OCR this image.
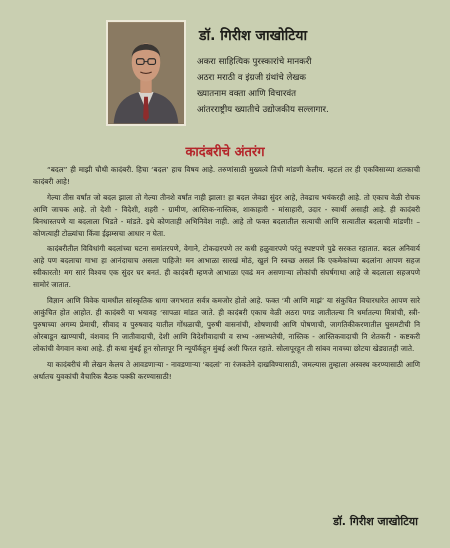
डॉ. गिरीश जाखोटिया
अकरा साहित्यिक पुरस्कारांचे मानकरी
अठरा मराठी व इंग्रजी ग्रंथांचे लेखक
ख्यातनाम वक्ता आणि विचारवंत
आंतरराष्ट्रीय ख्यातीचे उद्योजकीय सल्लागार.
कादंबरीचे अंतरंग

“बदल” ही माझी चौथी कादंबरी. हिचा ‘बदल’ हाच विषय आहे. तरुणांसाठी मुख्यत्वे तिची मांडणी केलीय. म्हटलं तर ही एकविसाव्या शतकाची कादंबरी आहे!

गेल्या तीस वर्षांत जो बदल झाला तो गेल्या तीनशे वर्षांत नाही झाला! हा बदल जेवढा सुंदर आहे, तेवढाच भयंकरही आहे. तो एकाच वेळी रोचक आणि जाचक आहे. तो देशी - विदेशी, शहरी - ग्रामीण, आस्तिक-नास्तिक, शाकाहारी - मांसाहारी, उदार - स्वार्थी असाही आहे. ही कादंबरी बिनधास्तपणे या बदलाला भिडते - मांडते. इथे कोणताही अभिनिवेश नाही. आहे तो फक्त बदलातील सत्याची आणि सत्यातील बदलाची मांडणी! –कोणत्याही टोळ्यांचा किंवा ईझम्सचा आधार न घेता.

कादंबरीतील विविधांगी बदलांच्या घटना समांतरपणे, वेगाने, टोकदारपणे तर कधी हळुवारपणे परंतु स्पष्टपणे पुढे सरकत रहातात. बदल अनिवार्य आहे पण बदलाचा गाभा हा आनंदाचाच असला पाहिजे! मन आभाळा सारखं मोठं, खुलं नि स्वच्छ असलं कि एकमेकांच्या बदलांना आपण सहज स्वीकारतो! मग सारं विश्वच एक सुंदर घर बनतं. ही कादंबरी म्हणजे आभाळा एवढं मन असणाऱ्या लोकांची संघर्षगाथा आहे जे बदलाला सहजपणे सामोरं जातात.

विज्ञान आणि विवेक यामधील सांस्कृतिक धागा जगभरात सर्वत्र कमजोर होतो आहे. फक्त ‘मी आणि माझं’ या संकुचित विचारधारेत आपण सारे आकुंचित होत आहोत. ही कादंबरी या भयावह ‘सापळा मांडत जाते. ही कादंबरी एकाच वेळी अठरा पगड जातीतल्या नि धर्मातल्या मित्रांची, स्त्री-पुरुषाच्या अगम्य प्रेमाची, सीवाद व पुरुषवाद यातील गोंधळाची, पुरुषी वासनांची, शोषणाची आणि पोषणाची, जागतिकीकरणातील घुसमटीची नि ओरबाडून खाण्याची, वंशवाद नि जातीवादाची, देशी आणि विदेशीवादाची व सभ्य -असभ्यतेची, नास्तिक - आस्तिकवादाची नि शेतकरी - कष्टकरी लोकांची वेगवान कथा आहे. ही कथा मुंबई हून सोलापूर नि न्यूयॉर्कहून मुंबई अशी फिरत रहाते. सोलापूरहून ती सांबव नावच्या छोटया खेड्यातही जाते.

या कादंबरीचं मी लेखन केलय ते आवडणाऱ्या - नावडणाऱ्या ‘बदलां’ ना रंजकतेने दाखविण्यासाठी, जमल्यास तुम्हाला अस्वस्थ करण्यासाठी आणि अर्थातच युवकांची वैचारिक बैठक पक्की करण्यासाठी!

डॉ. गिरीश जाखोटिया
